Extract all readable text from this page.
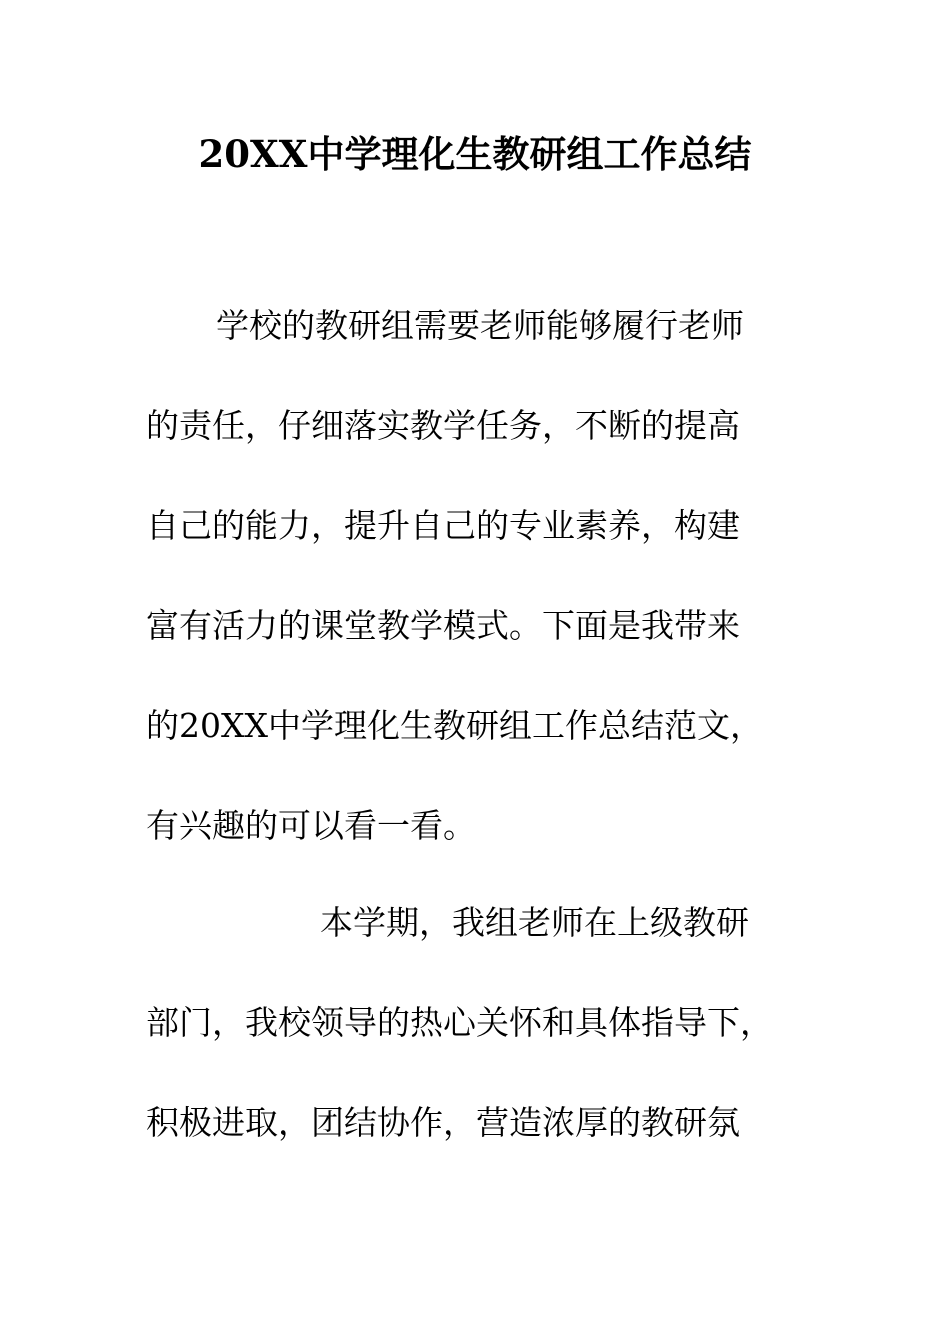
20XX中学理化生教研组工作总结
学校的教研组需要老师能够履行老师
的责任，仔细落实教学任务，不断的提高
自己的能力，提升自己的专业素养，构建
富有活力的课堂教学模式。下面是我带来
的20XX中学理化生教研组工作总结范文，
有兴趣的可以看一看。
本学期，我组老师在上级教研
部门，我校领导的热心关怀和具体指导下，
积极进取，团结协作，营造浓厚的教研氛
